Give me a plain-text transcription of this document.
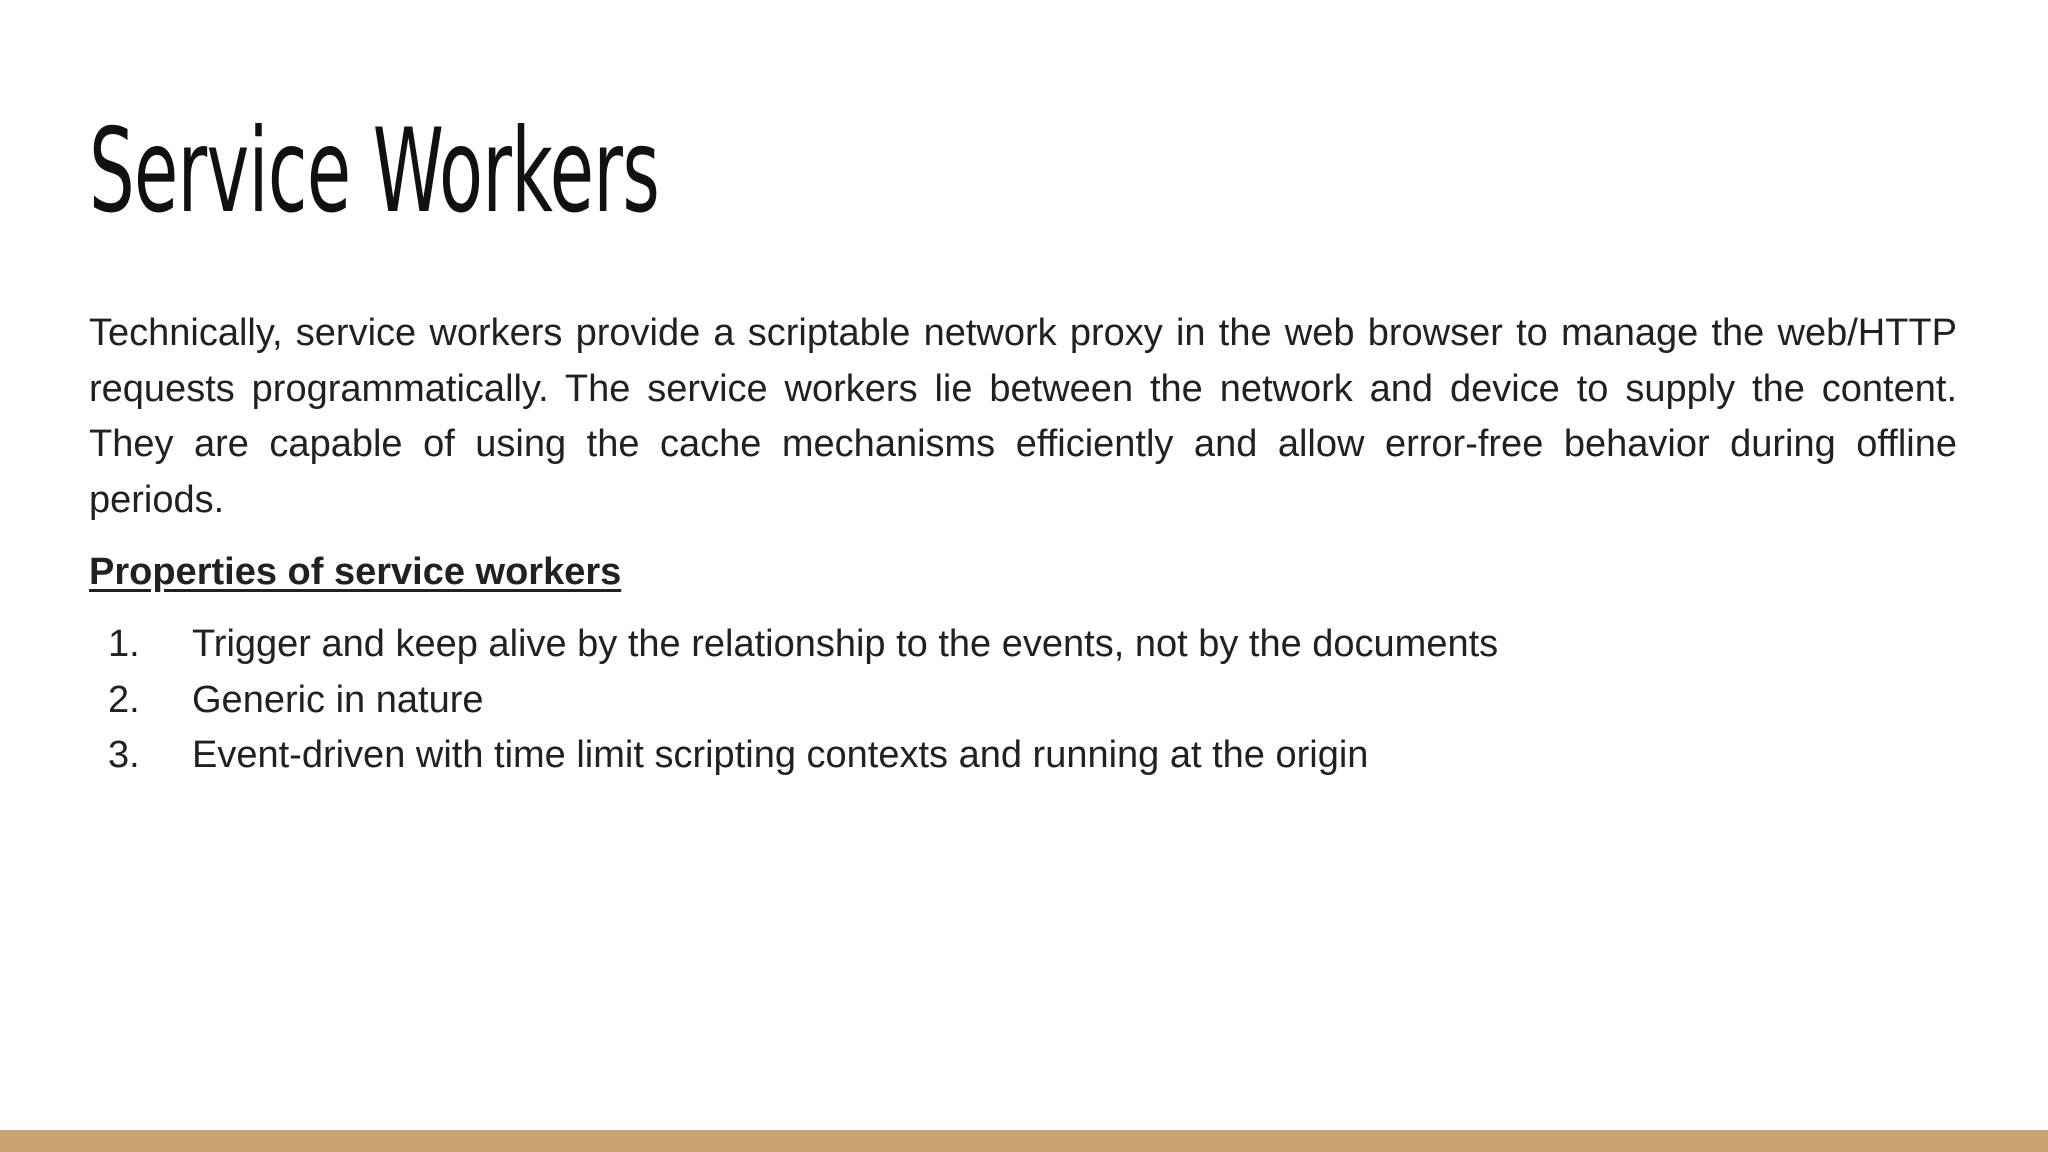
Service Workers

Technically, service workers provide a scriptable network proxy in the web browser to manage the web/HTTP requests programmatically. The service workers lie between the network and device to supply the content. They are capable of using the cache mechanisms efficiently and allow error-free behavior during offline periods.

Properties of service workers
1. Trigger and keep alive by the relationship to the events, not by the documents
2. Generic in nature
3. Event-driven with time limit scripting contexts and running at the origin
